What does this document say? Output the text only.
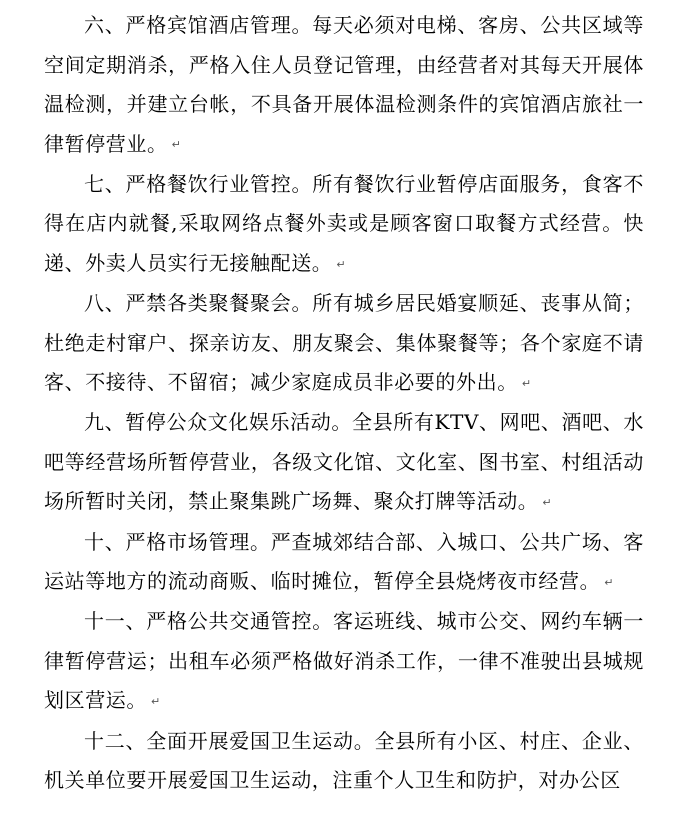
六、严格宾馆酒店管理。每天必须对电梯、客房、公共区域等空间定期消杀，严格入住人员登记管理，由经营者对其每天开展体温检测，并建立台帐，不具备开展体温检测条件的宾馆酒店旅社一律暂停营业。 ↵

七、严格餐饮行业管控。所有餐饮行业暂停店面服务，食客不得在店内就餐,采取网络点餐外卖或是顾客窗口取餐方式经营。快递、外卖人员实行无接触配送。 ↵

八、严禁各类聚餐聚会。所有城乡居民婚宴顺延、丧事从简；杜绝走村窜户、探亲访友、朋友聚会、集体聚餐等；各个家庭不请客、不接待、不留宿；减少家庭成员非必要的外出。 ↵

九、暂停公众文化娱乐活动。全县所有KTV、网吧、酒吧、水吧等经营场所暂停营业，各级文化馆、文化室、图书室、村组活动场所暂时关闭，禁止聚集跳广场舞、聚众打牌等活动。 ↵

十、严格市场管理。严查城郊结合部、入城口、公共广场、客运站等地方的流动商贩、临时摊位，暂停全县烧烤夜市经营。 ↵

十一、严格公共交通管控。客运班线、城市公交、网约车辆一律暂停营运；出租车必须严格做好消杀工作，一律不准驶出县城规划区营运。 ↵

十二、全面开展爱国卫生运动。全县所有小区、村庄、企业、机关单位要开展爱国卫生运动，注重个人卫生和防护，对办公区
